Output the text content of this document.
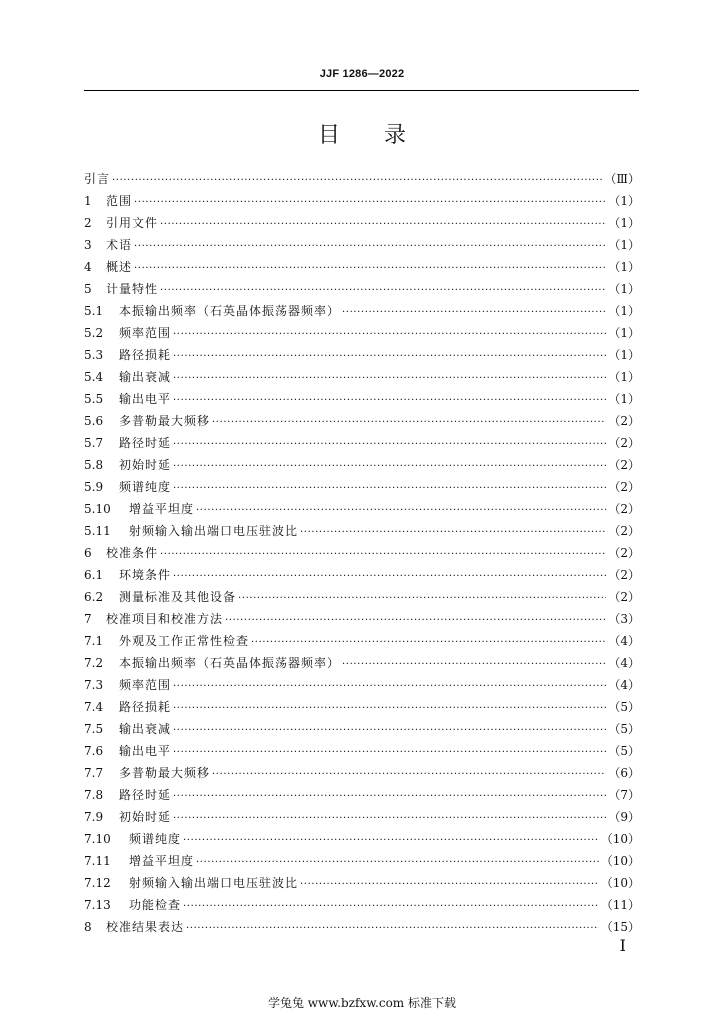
JJF 1286—2022
目录
引言 ·····	（Ⅲ）
1	范围 ·····	（1）
2	引用文件 ·····	（1）
3	术语 ·····	（1）
4	概述 ·····	（1）
5	计量特性 ·····	（1）
5.1	本振输出频率（石英晶体振荡器频率） ·····	（1）
5.2	频率范围 ·····	（1）
5.3	路径损耗 ·····	（1）
5.4	输出衰减 ·····	（1）
5.5	输出电平 ·····	（1）
5.6	多普勒最大频移 ·····	（2）
5.7	路径时延 ·····	（2）
5.8	初始时延 ·····	（2）
5.9	频谱纯度 ·····	（2）
5.10	增益平坦度 ·····	（2）
5.11	射频输入输出端口电压驻波比 ·····	（2）
6	校准条件 ·····	（2）
6.1	环境条件 ·····	（2）
6.2	测量标准及其他设备 ·····	（2）
7	校准项目和校准方法 ·····	（3）
7.1	外观及工作正常性检查 ·····	（4）
7.2	本振输出频率（石英晶体振荡器频率） ·····	（4）
7.3	频率范围 ·····	（4）
7.4	路径损耗 ·····	（5）
7.5	输出衰减 ·····	（5）
7.6	输出电平 ·····	（5）
7.7	多普勒最大频移 ·····	（6）
7.8	路径时延 ·····	（7）
7.9	初始时延 ·····	（9）
7.10	频谱纯度 ·····	（10）
7.11	增益平坦度 ·····	（10）
7.12	射频输入输出端口电压驻波比 ·····	（10）
7.13	功能检查 ·····	（11）
8	校准结果表达 ·····	（15）
Ⅰ
学兔兔 www.bzfxw.com 标准下载
